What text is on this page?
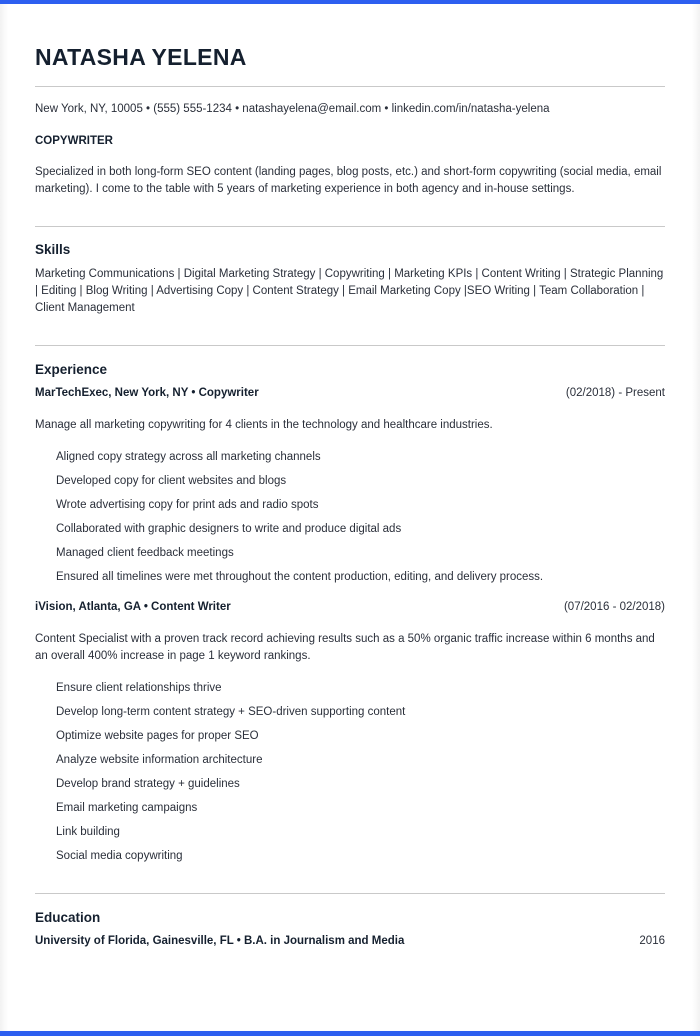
NATASHA YELENA
New York, NY, 10005 • (555) 555-1234 • natashayelena@email.com • linkedin.com/in/natasha-yelena
COPYWRITER
Specialized in both long-form SEO content (landing pages, blog posts, etc.) and short-form copywriting (social media, email marketing). I come to the table with 5 years of marketing experience in both agency and in-house settings.
Skills
Marketing Communications | Digital Marketing Strategy | Copywriting | Marketing KPIs | Content Writing | Strategic Planning | Editing | Blog Writing | Advertising Copy | Content Strategy | Email Marketing Copy |SEO Writing | Team Collaboration | Client Management
Experience
MarTechExec, New York, NY • Copywriter	(02/2018) - Present
Manage all marketing copywriting for 4 clients in the technology and healthcare industries.
Aligned copy strategy across all marketing channels
Developed copy for client websites and blogs
Wrote advertising copy for print ads and radio spots
Collaborated with graphic designers to write and produce digital ads
Managed client feedback meetings
Ensured all timelines were met throughout the content production, editing, and delivery process.
iVision, Atlanta, GA • Content Writer	(07/2016 - 02/2018)
Content Specialist with a proven track record achieving results such as a 50% organic traffic increase within 6 months and an overall 400% increase in page 1 keyword rankings.
Ensure client relationships thrive
Develop long-term content strategy + SEO-driven supporting content
Optimize website pages for proper SEO
Analyze website information architecture
Develop brand strategy + guidelines
Email marketing campaigns
Link building
Social media copywriting
Education
University of Florida, Gainesville, FL • B.A. in Journalism and Media	2016
